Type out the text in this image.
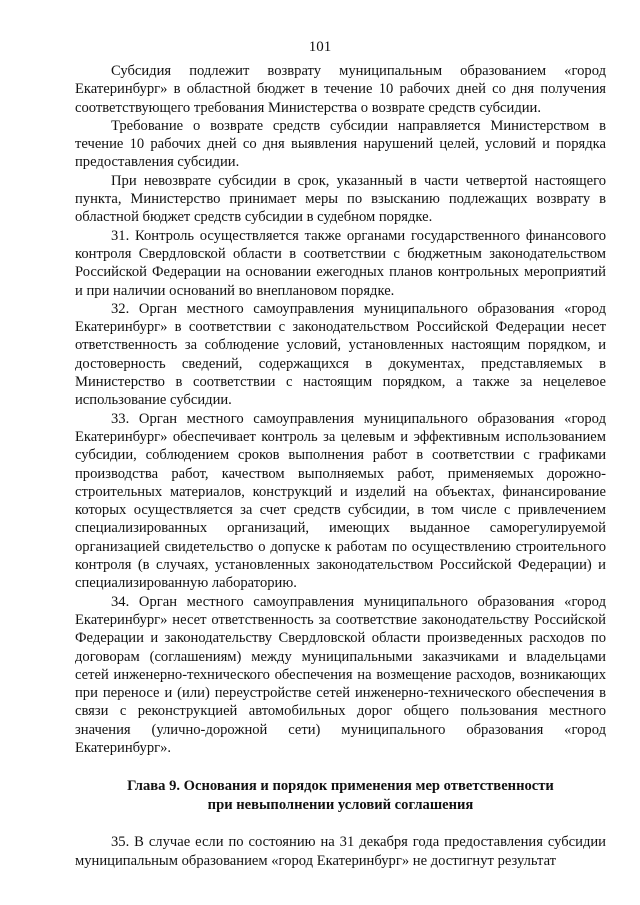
101

Субсидия подлежит возврату муниципальным образованием «город Екатеринбург» в областной бюджет в течение 10 рабочих дней со дня получения соответствующего требования Министерства о возврате средств субсидии.

Требование о возврате средств субсидии направляется Министерством в течение 10 рабочих дней со дня выявления нарушений целей, условий и порядка предоставления субсидии.

При невозврате субсидии в срок, указанный в части четвертой настоящего пункта, Министерство принимает меры по взысканию подлежащих возврату в областной бюджет средств субсидии в судебном порядке.

31. Контроль осуществляется также органами государственного финансового контроля Свердловской области в соответствии с бюджетным законодательством Российской Федерации на основании ежегодных планов контрольных мероприятий и при наличии оснований во внеплановом порядке.

32. Орган местного самоуправления муниципального образования «город Екатеринбург» в соответствии с законодательством Российской Федерации несет ответственность за соблюдение условий, установленных настоящим порядком, и достоверность сведений, содержащихся в документах, представляемых в Министерство в соответствии с настоящим порядком, а также за нецелевое использование субсидии.

33. Орган местного самоуправления муниципального образования «город Екатеринбург» обеспечивает контроль за целевым и эффективным использованием субсидии, соблюдением сроков выполнения работ в соответствии с графиками производства работ, качеством выполняемых работ, применяемых дорожно-строительных материалов, конструкций и изделий на объектах, финансирование которых осуществляется за счет средств субсидии, в том числе с привлечением специализированных организаций, имеющих выданное саморегулируемой организацией свидетельство о допуске к работам по осуществлению строительного контроля (в случаях, установленных законодательством Российской Федерации) и специализированную лабораторию.

34. Орган местного самоуправления муниципального образования «город Екатеринбург» несет ответственность за соответствие законодательству Российской Федерации и законодательству Свердловской области произведенных расходов по договорам (соглашениям) между муниципальными заказчиками и владельцами сетей инженерно-технического обеспечения на возмещение расходов, возникающих при переносе и (или) переустройстве сетей инженерно-технического обеспечения в связи с реконструкцией автомобильных дорог общего пользования местного значения (улично-дорожной сети) муниципального образования «город Екатеринбург».

Глава 9. Основания и порядок применения мер ответственности
при невыполнении условий соглашения

35. В случае если по состоянию на 31 декабря года предоставления субсидии муниципальным образованием «город Екатеринбург» не достигнут результат
